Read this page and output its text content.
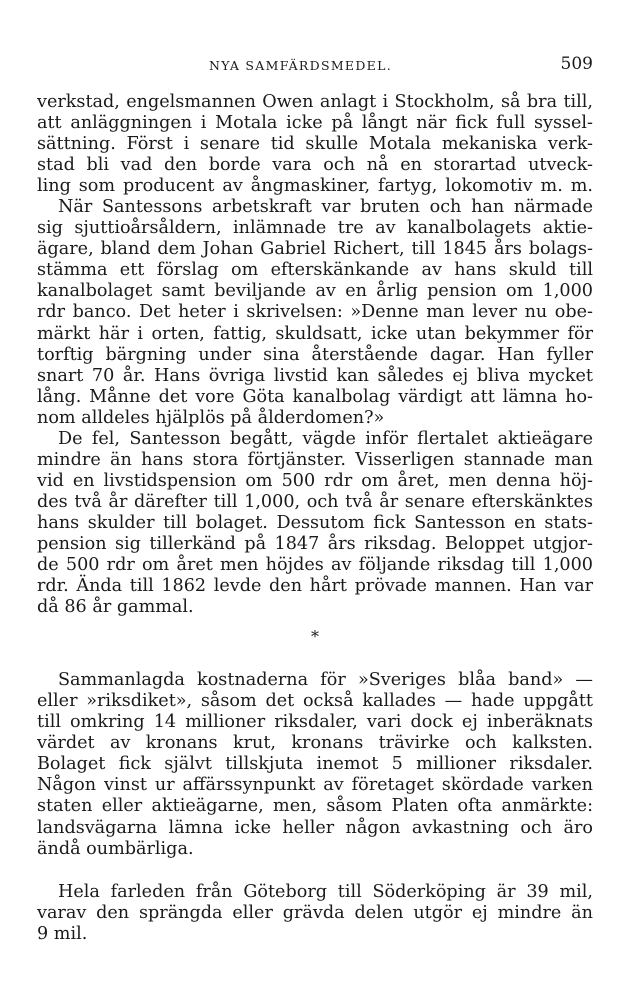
NYA SAMFÄRDSMEDEL.	509

verkstad, engelsmannen Owen anlagt i Stockholm, så bra till,
att anläggningen i Motala icke på långt när fick full syssel-
sättning. Först i senare tid skulle Motala mekaniska verk-
stad bli vad den borde vara och nå en storartad utveck-
ling som producent av ångmaskiner, fartyg, lokomotiv m. m.

När Santessons arbetskraft var bruten och han närmade
sig sjuttioårsåldern, inlämnade tre av kanalbolagets aktie-
ägare, bland dem Johan Gabriel Richert, till 1845 års bolags-
stämma ett förslag om efterskänkande av hans skuld till
kanalbolaget samt beviljande av en årlig pension om 1,000
rdr banco. Det heter i skrivelsen: »Denne man lever nu obe-
märkt här i orten, fattig, skuldsatt, icke utan bekymmer för
torftig bärgning under sina återstående dagar. Han fyller
snart 70 år. Hans övriga livstid kan således ej bliva mycket
lång. Månne det vore Göta kanalbolag värdigt att lämna ho-
nom alldeles hjälplös på ålderdomen?»

De fel, Santesson begått, vägde inför flertalet aktieägare
mindre än hans stora förtjänster. Visserligen stannade man
vid en livstidspension om 500 rdr om året, men denna höj-
des två år därefter till 1,000, och två år senare efterskänktes
hans skulder till bolaget. Dessutom fick Santesson en stats-
pension sig tillerkänd på 1847 års riksdag. Beloppet utgjor-
de 500 rdr om året men höjdes av följande riksdag till 1,000
rdr. Ända till 1862 levde den hårt prövade mannen. Han var
då 86 år gammal.

*

Sammanlagda kostnaderna för »Sveriges blåa band» —
eller »riksdiket», såsom det också kallades — hade uppgått
till omkring 14 millioner riksdaler, vari dock ej inberäknats
värdet av kronans krut, kronans trävirke och kalksten.
Bolaget fick självt tillskjuta inemot 5 millioner riksdaler.
Någon vinst ur affärssynpunkt av företaget skördade varken
staten eller aktieägarne, men, såsom Platen ofta anmärkte:
landsvägarna lämna icke heller någon avkastning och äro
ändå oumbärliga.

Hela farleden från Göteborg till Söderköping är 39 mil,
varav den sprängda eller grävda delen utgör ej mindre än
9 mil.
